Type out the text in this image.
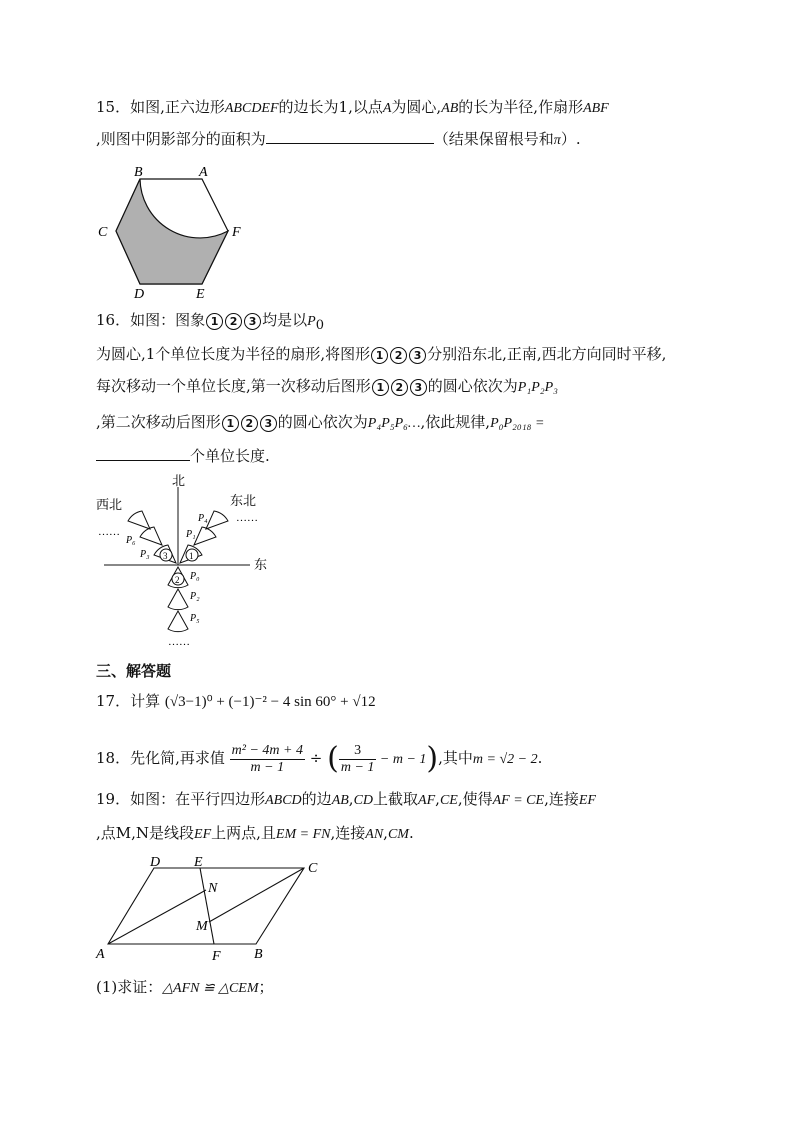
15．如图,正六边形ABCDEF的边长为1,以点A为圆心,AB的长为半径,作扇形ABF
,则图中阴影部分的面积为	（结果保留根号和π）.
B	A
C	F
D	E
16．如图：图象 1 2 3 均是以$P_0$
为圆心,1个单位长度为半径的扇形,将图形 1 2 3 分别沿东北,正南,西北方向同时平移,
每次移动一个单位长度,第一次移动后图形 1 2 3 的圆心依次为P₁P₂P₃
,第二次移动后图形 1 2 3 的圆心依次为P₄P₅P₆…,依此规律,P₀P₂₀₁₈ =
个单位长度.
北
东
西北	东北
……
……
1
3
2
……
P₀
P₁
P₄
P₃
P₆
P₂
P₅
三、解答题
17．计算 (√3−1)⁰ + (−1)⁻² − 4 sin 60° + √12
18．先化简,再求值 $\frac{\text{m² − 4m + 4}}{m - 1}$ ÷ ( $\frac{3}{m - 1} - m - 1$),其中m = √2 − 2.
19．如图：在平行四边形ABCD的边AB,CD上截取AF,CE,使得AF = CE,连接EF
,点M,N是线段EF上两点,且EM = FN,连接AN,CM.
D E	C
N
M
A	F B
(1)求证：△AFN ≌ △CEM；
